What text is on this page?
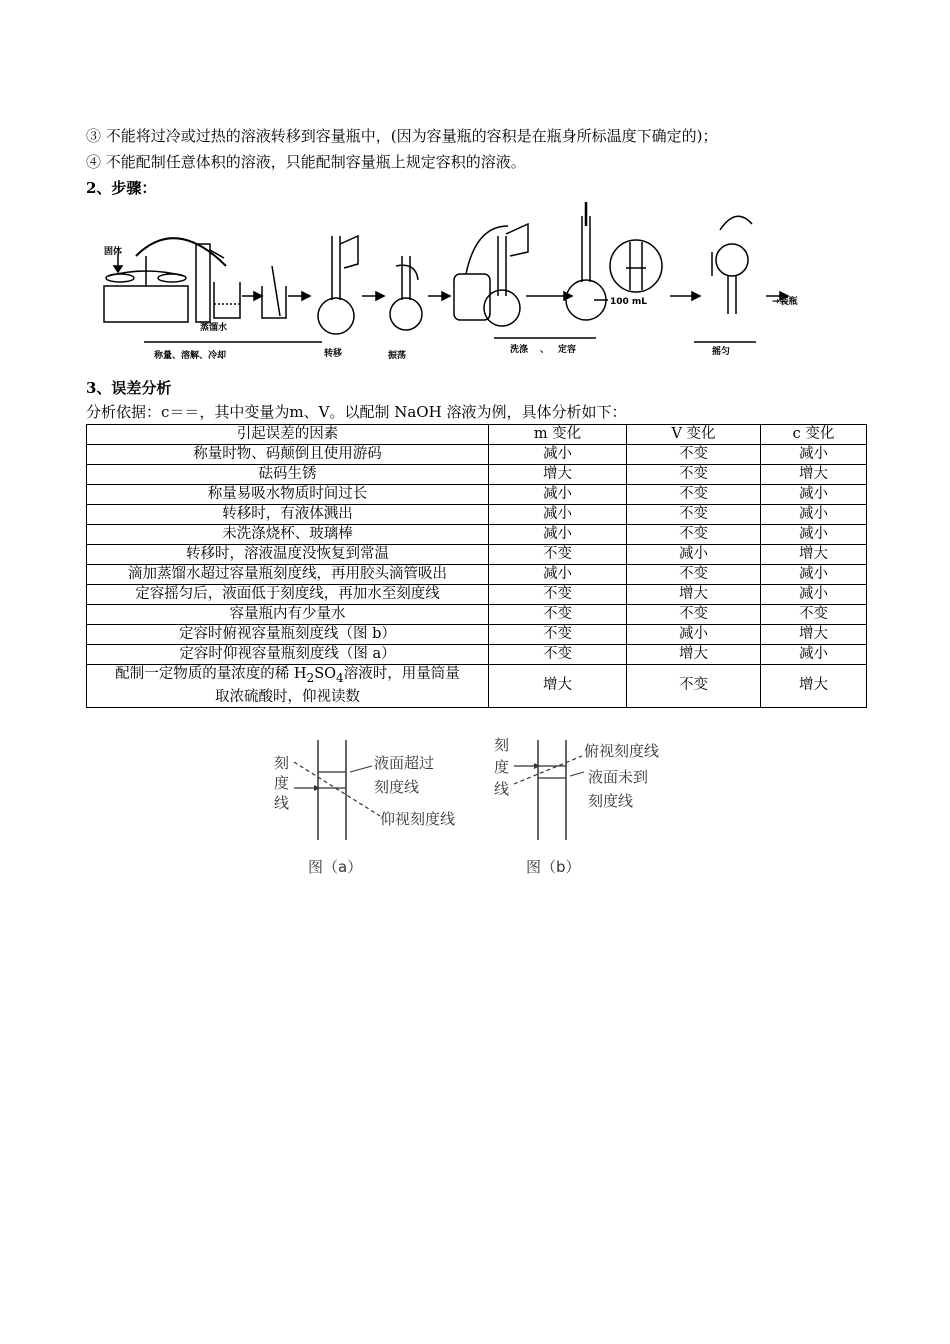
③ 不能将过冷或过热的溶液转移到容量瓶中，(因为容量瓶的容积是在瓶身所标温度下确定的)；
④ 不能配制任意体积的溶液，只能配制容量瓶上规定容积的溶液。
2、步骤：
固体
蒸馏水
称量、溶解、冷却	转移	振荡
洗涤 、 定容
100 mL
摇匀
→装瓶
3、误差分析
分析依据：c＝＝，其中变量为m、V。以配制 NaOH 溶液为例，具体分析如下：
引起误差的因素	m 变化	V 变化	c 变化
称量时物、码颠倒且使用游码	减小	不变	减小
砝码生锈	增大	不变	增大
称量易吸水物质时间过长	减小	不变	减小
转移时，有液体溅出	减小	不变	减小
未洗涤烧杯、玻璃棒	减小	不变	减小
转移时，溶液温度没恢复到常温	不变	减小	增大
滴加蒸馏水超过容量瓶刻度线，再用胶头滴管吸出	减小	不变	减小
定容摇匀后，液面低于刻度线，再加水至刻度线	不变	增大	减小
容量瓶内有少量水	不变	不变	不变
定容时俯视容量瓶刻度线（图 b）	不变	减小	增大
定容时仰视容量瓶刻度线（图 a）	不变	增大	减小
配制一定物质的量浓度的稀 $H_2SO_4$溶液时，用量筒量
取浓硫酸时，仰视读数	增大	不变	增大
刻
度
线
液面超过
刻度线
仰视刻度线
图（a）
刻
度
线
俯视刻度线
液面未到
刻度线
图（b）
